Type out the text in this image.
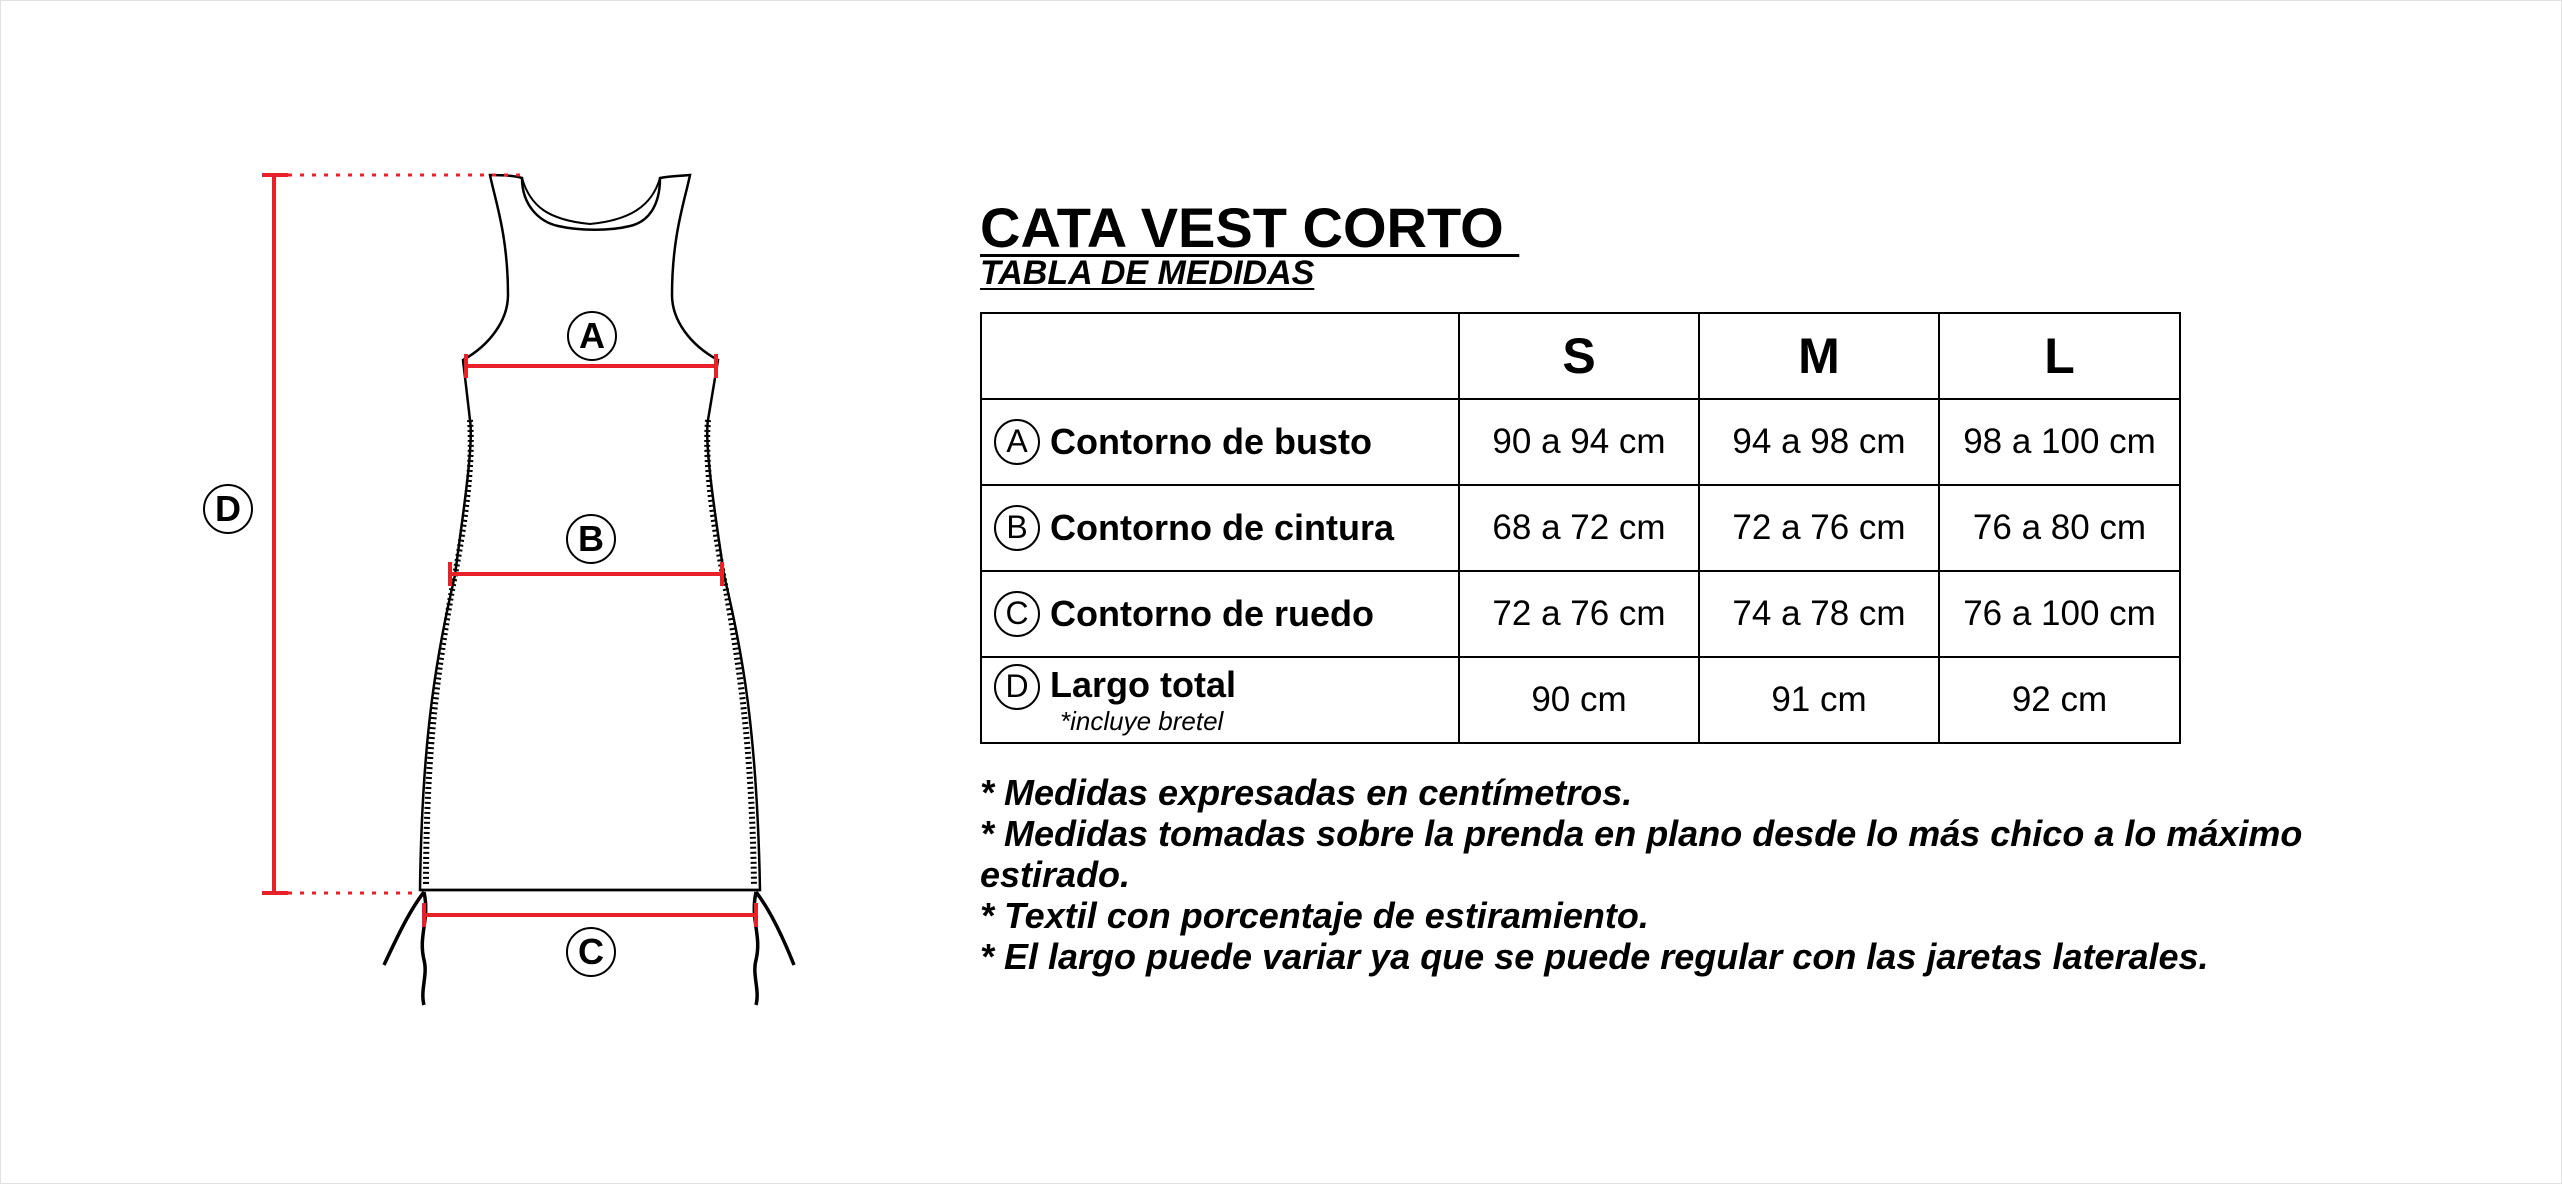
A
B
C
D
CATA VEST CORTO
TABLA DE MEDIDAS
	S	M	L

A Contorno de busto	90 a 94 cm	94 a 98 cm	98 a 100 cm

B Contorno de cintura	68 a 72 cm	72 a 76 cm	76 a 80 cm

C Contorno de ruedo	72 a 76 cm	74 a 78 cm	76 a 100 cm

D Largo total
*incluye bretel	90 cm	91 cm	92 cm
* Medidas expresadas en centímetros.
* Medidas tomadas sobre la prenda en plano desde lo más chico a lo máximo estirado.
* Textil con porcentaje de estiramiento.
* El largo puede variar ya que se puede regular con las jaretas laterales.
